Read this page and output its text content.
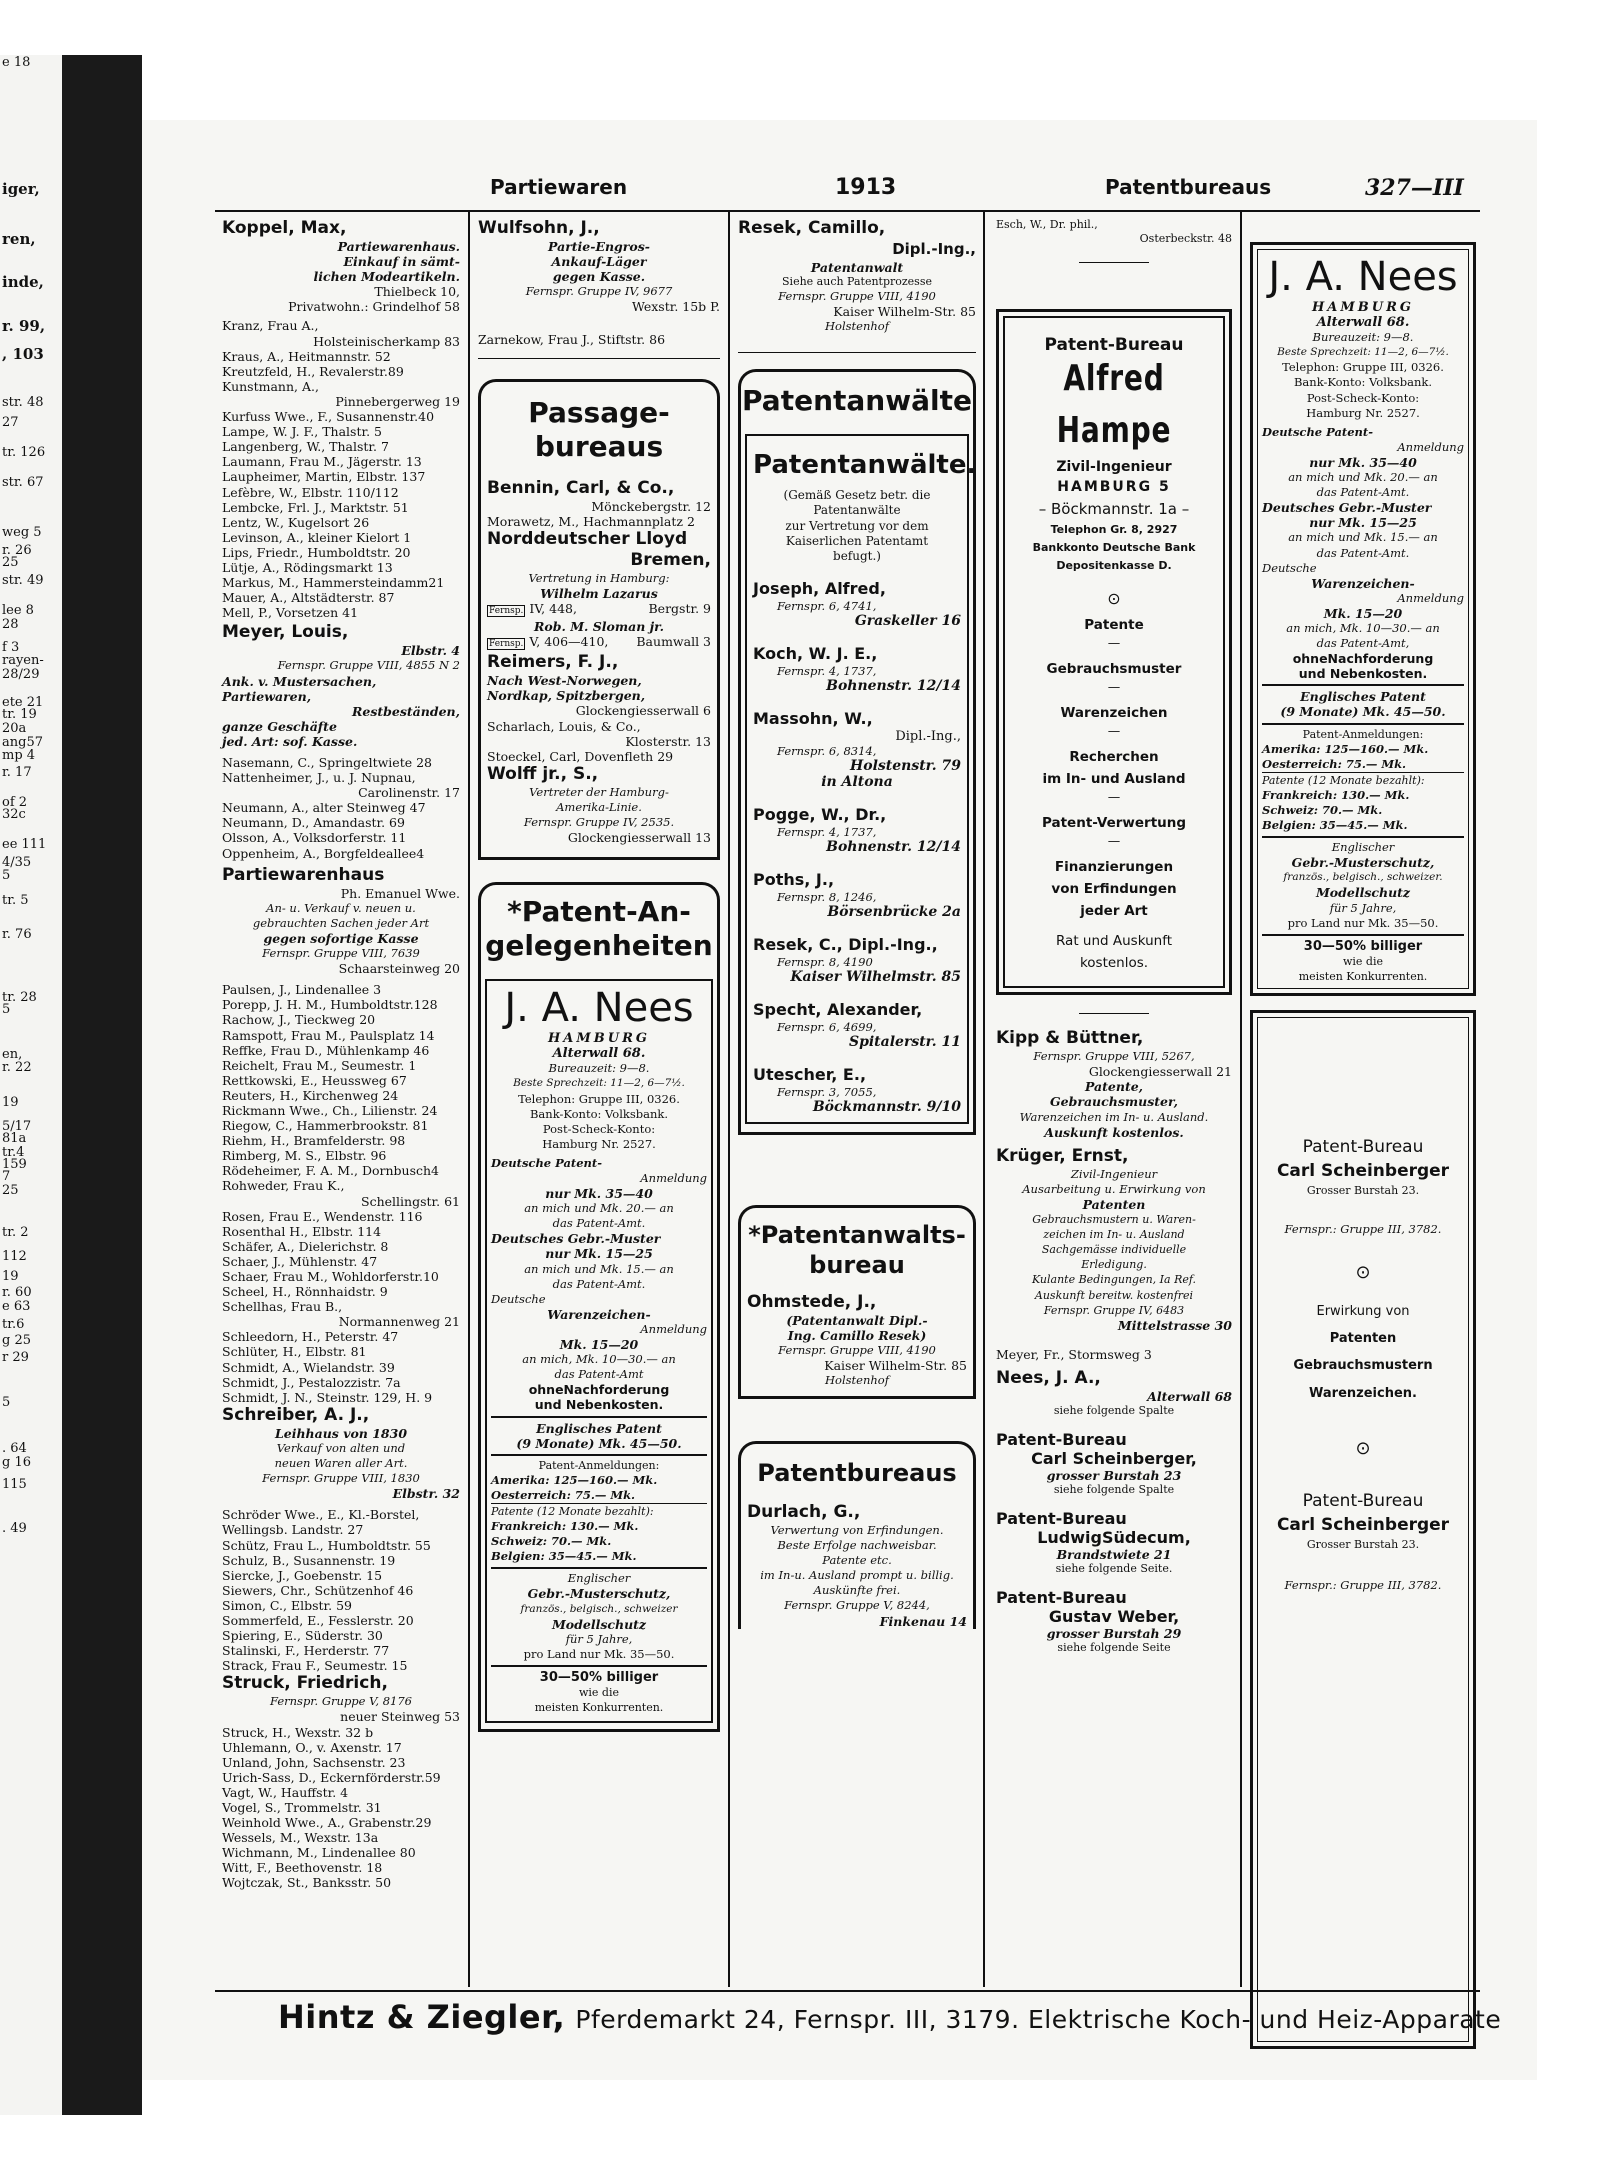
iger,
ren,
inde,
r. 99,
, 103
str. 48
27
tr. 126
str. 67
weg 5
r. 26
25
str. 49
lee 8
28
f 3
rayen-
28/29
ete 21
tr. 19
20a
ang57
mp 4
r. 17
of 2
32c
ee 111
4/35
5
tr. 5
r. 76
tr. 28
5
en,
r. 22
19
5/17
81a
tr.4
159
7
25
tr. 2
112
19
r. 60
e 63
tr.6
g 25
r 29
5
. 64
g 16
115
. 49
e 18
Partiewaren	1913	Patentbureaus	327—III
Koppel, Max,
Partiewarenhaus.
Einkauf in sämt-
lichen Modeartikeln.
Thielbeck 10,
Privatwohn.: Grindelhof 58
Kranz, Frau A.,
Holsteinischerkamp 83
Kraus, A., Heitmannstr. 52
Kreutzfeld, H., Revalerstr.89
Kunstmann, A.,
Pinnebergerweg 19
Kurfuss Wwe., F., Susannenstr.40
Lampe, W. J. F., Thalstr. 5
Langenberg, W., Thalstr. 7
Laumann, Frau M., Jägerstr. 13
Laupheimer, Martin, Elbstr. 137
Lefèbre, W., Elbstr. 110/112
Lembcke, Frl. J., Marktstr. 51
Lentz, W., Kugelsort 26
Levinson, A., kleiner Kielort 1
Lips, Friedr., Humboldtstr. 20
Lütje, A., Rödingsmarkt 13
Markus, M., Hammersteindamm21
Mauer, A., Altstädterstr. 87
Mell, P., Vorsetzen 41
Meyer, Louis,
Elbstr. 4
Fernspr. Gruppe VIII, 4855 N 2
Ank. v. Mustersachen,
Partiewaren,
Restbeständen,
ganze Geschäfte
jed. Art: sof. Kasse.
Nasemann, C., Springeltwiete 28
Nattenheimer, J., u. J. Nupnau,
Carolinenstr. 17
Neumann, A., alter Steinweg 47
Neumann, D., Amandastr. 69
Olsson, A., Volksdorferstr. 11
Oppenheim, A., Borgfeldeallee4
Partiewarenhaus
Ph. Emanuel Wwe.
An- u. Verkauf v. neuen u.
gebrauchten Sachen jeder Art
gegen sofortige Kasse
Fernspr. Gruppe VIII, 7639
Schaarsteinweg 20
Paulsen, J., Lindenallee 3
Porepp, J. H. M., Humboldtstr.128
Rachow, J., Tieckweg 20
Ramspott, Frau M., Paulsplatz 14
Reffke, Frau D., Mühlenkamp 46
Reichelt, Frau M., Seumestr. 1
Rettkowski, E., Heussweg 67
Reuters, H., Kirchenweg 24
Rickmann Wwe., Ch., Lilienstr. 24
Riegow, C., Hammerbrookstr. 81
Riehm, H., Bramfelderstr. 98
Rimberg, M. S., Elbstr. 96
Rödeheimer, F. A. M., Dornbusch4
Rohweder, Frau K.,
Schellingstr. 61
Rosen, Frau E., Wendenstr. 116
Rosenthal H., Elbstr. 114
Schäfer, A., Dielerichstr. 8
Schaer, J., Mühlenstr. 47
Schaer, Frau M., Wohldorferstr.10
Scheel, H., Rönnhaidstr. 9
Schellhas, Frau B.,
Normannenweg 21
Schleedorn, H., Peterstr. 47
Schlüter, H., Elbstr. 81
Schmidt, A., Wielandstr. 39
Schmidt, J., Pestalozzistr. 7a
Schmidt, J. N., Steinstr. 129, H. 9
Schreiber, A. J.,
Leihhaus von 1830
Verkauf von alten und
neuen Waren aller Art.
Fernspr. Gruppe VIII, 1830
Elbstr. 32
Schröder Wwe., E., Kl.-Borstel,
Wellingsb. Landstr. 27
Schütz, Frau L., Humboldtstr. 55
Schulz, B., Susannenstr. 19
Siercke, J., Goebenstr. 15
Siewers, Chr., Schützenhof 46
Simon, C., Elbstr. 59
Sommerfeld, E., Fesslerstr. 20
Spiering, E., Süderstr. 30
Stalinski, F., Herderstr. 77
Strack, Frau F., Seumestr. 15
Struck, Friedrich,
Fernspr. Gruppe V, 8176
neuer Steinweg 53
Struck, H., Wexstr. 32 b
Uhlemann, O., v. Axenstr. 17
Unland, John, Sachsenstr. 23
Urich-Sass, D., Eckernförderstr.59
Vagt, W., Hauffstr. 4
Vogel, S., Trommelstr. 31
Weinhold Wwe., A., Grabenstr.29
Wessels, M., Wexstr. 13a
Wichmann, M., Lindenallee 80
Witt, F., Beethovenstr. 18
Wojtczak, St., Banksstr. 50
Wulfsohn, J.,
Partie-Engros-
Ankauf-Läger
gegen Kasse.
Fernspr. Gruppe IV, 9677
Wexstr. 15b P.
Zarnekow, Frau J., Stiftstr. 86
Passage-
bureaus
Bennin, Carl, & Co.,
Mönckebergstr. 12
Morawetz, M., Hachmannplatz 2
Norddeutscher Lloyd
Bremen,
Vertretung in Hamburg:
Wilhelm Lazarus
Fernsp. IV, 448,	Bergstr. 9
Rob. M. Sloman jr.
Fernsp. V, 406—410, Baumwall 3
Reimers, F. J.,
Nach West-Norwegen,
Nordkap, Spitzbergen,
Glockengiesserwall 6
Scharlach, Louis, & Co.,
Klosterstr. 13
Stoeckel, Carl, Dovenfleth 29
Wolff jr., S.,
Vertreter der Hamburg-
Amerika-Linie.
Fernspr. Gruppe IV, 2535.
Glockengiesserwall 13
*Patent-An-
gelegenheiten
J. A. Nees
HAMBURG
Alterwall 68.
Bureauzeit: 9—8.
Beste Sprechzeit: 11—2, 6—7½.
Telephon: Gruppe III, 0326.
Bank-Konto: Volksbank.
Post-Scheck-Konto:
Hamburg Nr. 2527.
Deutsche Patent-
Anmeldung
nur Mk. 35—40
an mich und Mk. 20.— an
das Patent-Amt.
Deutsches Gebr.-Muster
nur Mk. 15—25
an mich und Mk. 15.— an
das Patent-Amt.
Deutsche
Warenzeichen-
Anmeldung
Mk. 15—20
an mich, Mk. 10—30.— an
das Patent-Amt
ohneNachforderung
und Nebenkosten.
Englisches Patent
(9 Monate) Mk. 45—50.
Patent-Anmeldungen:
Amerika: 125—160.— Mk.
Oesterreich: 75.— Mk.
Patente (12 Monate bezahlt):
Frankreich: 130.— Mk.
Schweiz: 70.— Mk.
Belgien: 35—45.— Mk.
Englischer
Gebr.-Musterschutz,
französ., belgisch., schweizer
Modellschutz
für 5 Jahre,
pro Land nur Mk. 35—50.
30—50% billiger
wie die
meisten Konkurrenten.
Resek, Camillo,
Dipl.-Ing.,
Patentanwalt
Siehe auch Patentprozesse
Fernspr. Gruppe VIII, 4190
Kaiser Wilhelm-Str. 85
Holstenhof
Patentanwälte
Patentanwälte.
(Gemäß Gesetz betr. die
Patentanwälte
zur Vertretung vor dem
Kaiserlichen Patentamt
befugt.)
Joseph, Alfred,
Fernspr. 6, 4741,
Graskeller 16
Koch, W. J. E.,
Fernspr. 4, 1737,
Bohnenstr. 12/14
Massohn, W.,
Dipl.-Ing.,
Fernspr. 6, 8314,
Holstenstr. 79
in Altona
Pogge, W., Dr.,
Fernspr. 4, 1737,
Bohnenstr. 12/14
Poths, J.,
Fernspr. 8, 1246,
Börsenbrücke 2a
Resek, C., Dipl.-Ing.,
Fernspr. 8, 4190
Kaiser Wilhelmstr. 85
Specht, Alexander,
Fernspr. 6, 4699,
Spitalerstr. 11
Utescher, E.,
Fernspr. 3, 7055,
Böckmannstr. 9/10
*Patentanwalts-
bureau
Ohmstede, J.,
(Patentanwalt Dipl.-
Ing. Camillo Resek)
Fernspr. Gruppe VIII, 4190
Kaiser Wilhelm-Str. 85
Holstenhof
Patentbureaus
Durlach, G.,
Verwertung von Erfindungen.
Beste Erfolge nachweisbar.
Patente etc.
im In-u. Ausland prompt u. billig.
Auskünfte frei.
Fernspr. Gruppe V, 8244,
Finkenau 14
Esch, W., Dr. phil.,
Osterbeckstr. 48
Patent-Bureau
Alfred Hampe
Zivil-Ingenieur
HAMBURG 5
– Böckmannstr. 1a –
Telephon Gr. 8, 2927
Bankkonto Deutsche Bank
Depositenkasse D.
⊙
Patente
—
Gebrauchsmuster
—
Warenzeichen
—
Recherchen
im In- und Ausland
—
Patent-Verwertung
—
Finanzierungen
von Erfindungen
jeder Art
Rat und Auskunft
kostenlos.
Kipp & Büttner,
Fernspr. Gruppe VIII, 5267,
Glockengiesserwall 21
Patente,
Gebrauchsmuster,
Warenzeichen im In- u. Ausland.
Auskunft kostenlos.
Krüger, Ernst,
Zivil-Ingenieur
Ausarbeitung u. Erwirkung von
Patenten
Gebrauchsmustern u. Waren-
zeichen im In- u. Ausland
Sachgemässe individuelle
Erledigung.
Kulante Bedingungen, Ia Ref.
Auskunft bereitw. kostenfrei
Fernspr. Gruppe IV, 6483
Mittelstrasse 30
Meyer, Fr., Stormsweg 3
Nees, J. A.,
Alterwall 68
siehe folgende Spalte
Patent-Bureau
Carl Scheinberger,
grosser Burstah 23
siehe folgende Spalte
Patent-Bureau
LudwigSüdecum,
Brandstwiete 21
siehe folgende Seite.
Patent-Bureau
Gustav Weber,
grosser Burstah 29
siehe folgende Seite
J. A. Nees
HAMBURG
Alterwall 68.
Bureauzeit: 9—8.
Beste Sprechzeit: 11—2, 6—7½.
Telephon: Gruppe III, 0326.
Bank-Konto: Volksbank.
Post-Scheck-Konto:
Hamburg Nr. 2527.
Deutsche Patent-
Anmeldung
nur Mk. 35—40
an mich und Mk. 20.— an
das Patent-Amt.
Deutsches Gebr.-Muster
nur Mk. 15—25
an mich und Mk. 15.— an
das Patent-Amt.
Deutsche
Warenzeichen-
Anmeldung
Mk. 15—20
an mich, Mk. 10—30.— an
das Patent-Amt,
ohneNachforderung
und Nebenkosten.
Englisches Patent
(9 Monate) Mk. 45—50.
Patent-Anmeldungen:
Amerika: 125—160.— Mk.
Oesterreich: 75.— Mk.
Patente (12 Monate bezahlt):
Frankreich: 130.— Mk.
Schweiz: 70.— Mk.
Belgien: 35—45.— Mk.
Englischer
Gebr.-Musterschutz,
französ., belgisch., schweizer.
Modellschutz
für 5 Jahre,
pro Land nur Mk. 35—50.
30—50% billiger
wie die
meisten Konkurrenten.
Patent-Bureau
Carl Scheinberger
Grosser Burstah 23.
Fernspr.: Gruppe III, 3782.
⊙
Erwirkung von
Patenten
Gebrauchsmustern
Warenzeichen.
⊙
Patent-Bureau
Carl Scheinberger
Grosser Burstah 23.
Fernspr.: Gruppe III, 3782.
Hintz & Ziegler, Pferdemarkt 24, Fernspr. III, 3179. Elektrische Koch- und Heiz-Apparate
